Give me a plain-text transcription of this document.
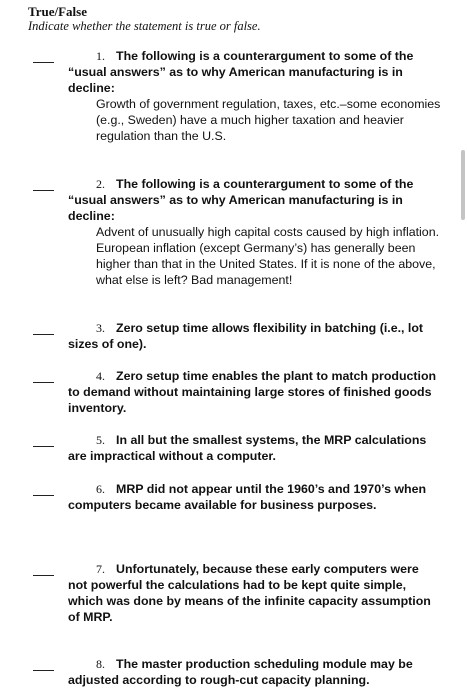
True/False
Indicate whether the statement is true or false.

1. The following is a counterargument to some of the “usual answers” as to why American manufacturing is in decline:

Growth of government regulation, taxes, etc.–some economies (e.g., Sweden) have a much higher taxation and heavier regulation than the U.S.

2. The following is a counterargument to some of the “usual answers” as to why American manufacturing is in decline:

Advent of unusually high capital costs caused by high inflation. European inflation (except Germany’s) has generally been higher than that in the United States. If it is none of the above, what else is left? Bad management!

3. Zero setup time allows flexibility in batching (i.e., lot sizes of one).

4. Zero setup time enables the plant to match production to demand without maintaining large stores of finished goods inventory.

5. In all but the smallest systems, the MRP calculations are impractical without a computer.

6. MRP did not appear until the 1960’s and 1970’s when computers became available for business purposes.

7. Unfortunately, because these early computers were not powerful the calculations had to be kept quite simple, which was done by means of the infinite capacity assumption of MRP.

8. The master production scheduling module may be adjusted according to rough-cut capacity planning.
